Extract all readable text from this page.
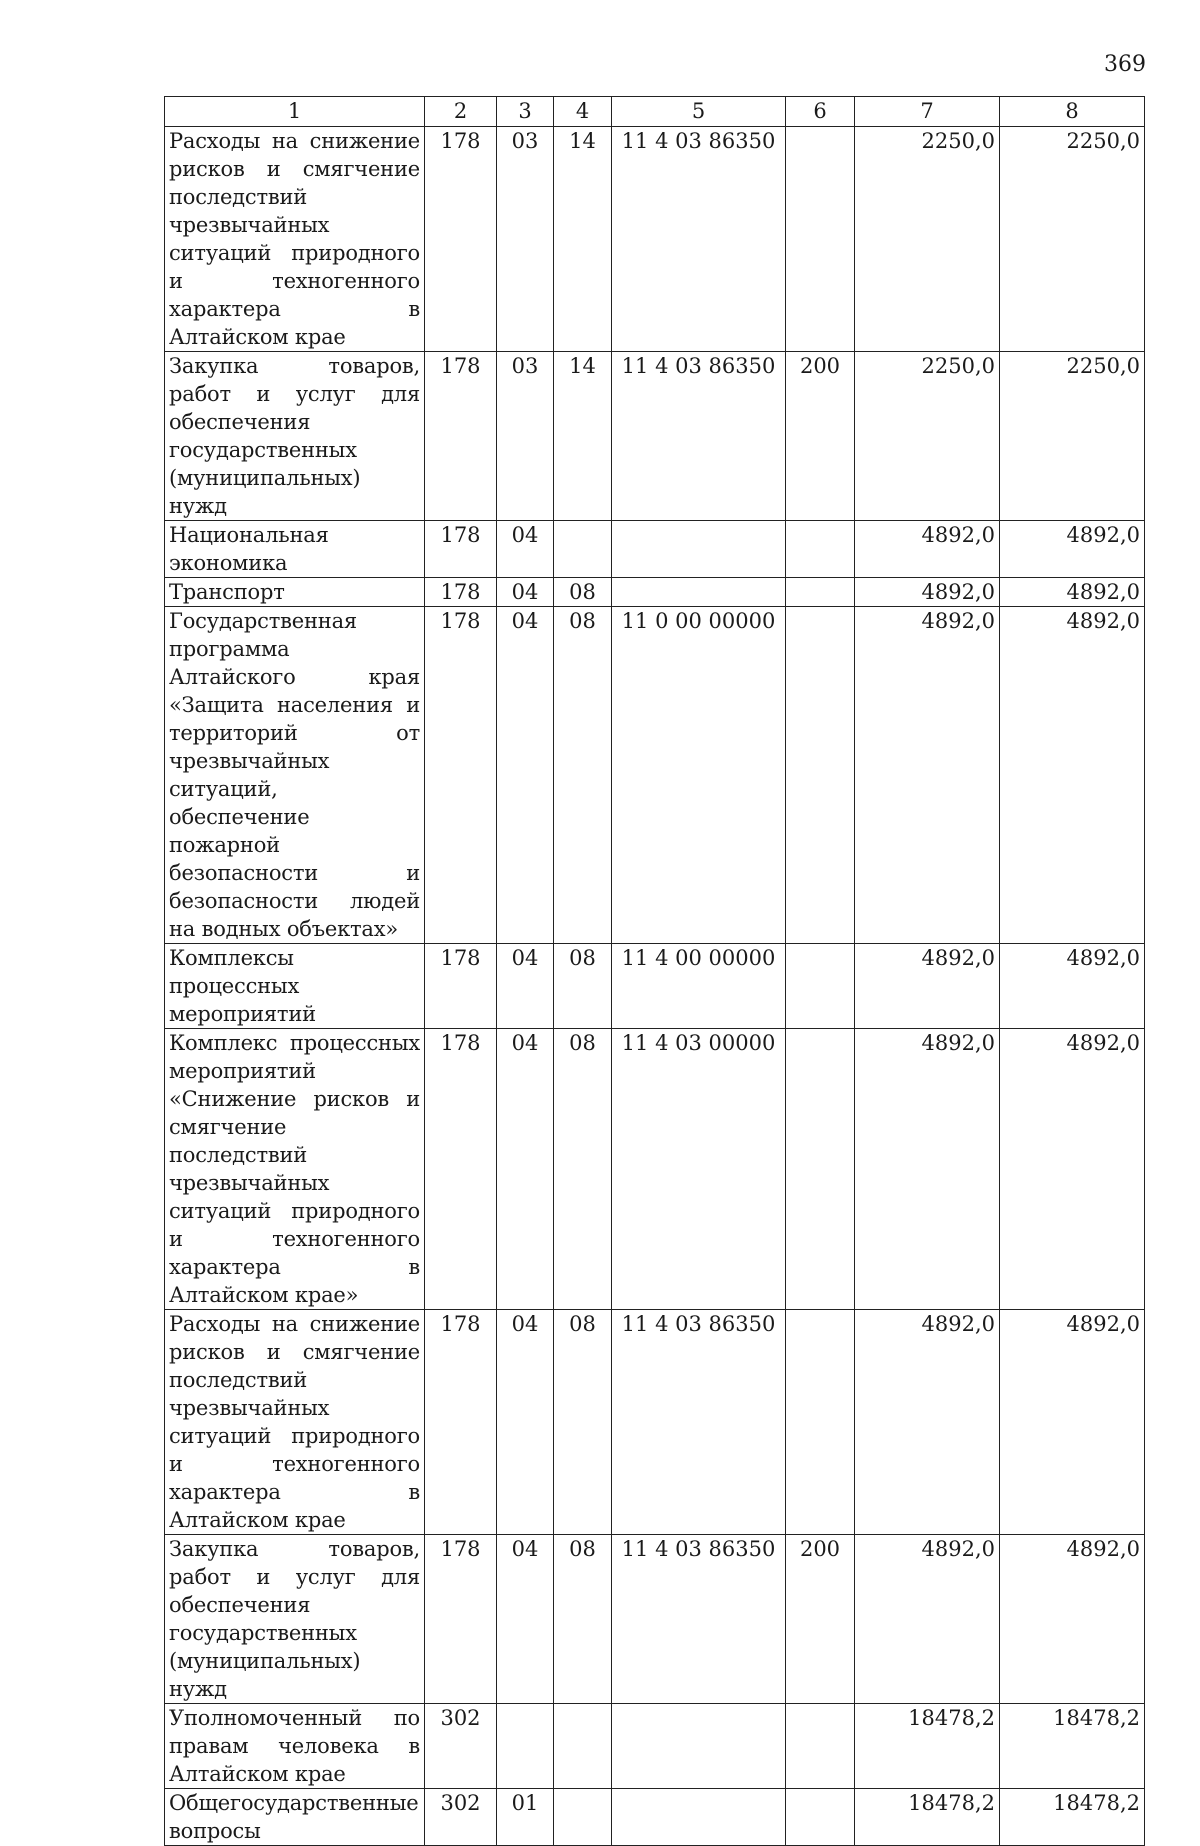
369
1	2	3	4	5	6	7	8
Расходы на снижение рисков и смягчение последствий чрезвычайных ситуаций природного и техногенного характера в Алтайском крае	178	03	14	11 4 03 86350		2250,0	2250,0
Закупка товаров, работ и услуг для обеспечения государственных (муниципальных) нужд	178	03	14	11 4 03 86350	200	2250,0	2250,0
Национальная экономика	178	04				4892,0	4892,0
Транспорт	178	04	08			4892,0	4892,0
Государственная программа Алтайского края «Защита населения и территорий от чрезвычайных ситуаций, обеспечение пожарной безопасности и безопасности людей на водных объектах»	178	04	08	11 0 00 00000		4892,0	4892,0
Комплексы процессных мероприятий	178	04	08	11 4 00 00000		4892,0	4892,0
Комплекс процессных мероприятий «Снижение рисков и смягчение последствий чрезвычайных ситуаций природного и техногенного характера в Алтайском крае»	178	04	08	11 4 03 00000		4892,0	4892,0
Расходы на снижение рисков и смягчение последствий чрезвычайных ситуаций природного и техногенного характера в Алтайском крае	178	04	08	11 4 03 86350		4892,0	4892,0
Закупка товаров, работ и услуг для обеспечения государственных (муниципальных) нужд	178	04	08	11 4 03 86350	200	4892,0	4892,0
Уполномоченный по правам человека в Алтайском крае	302					18478,2	18478,2
Общегосударственные вопросы	302	01				18478,2	18478,2
